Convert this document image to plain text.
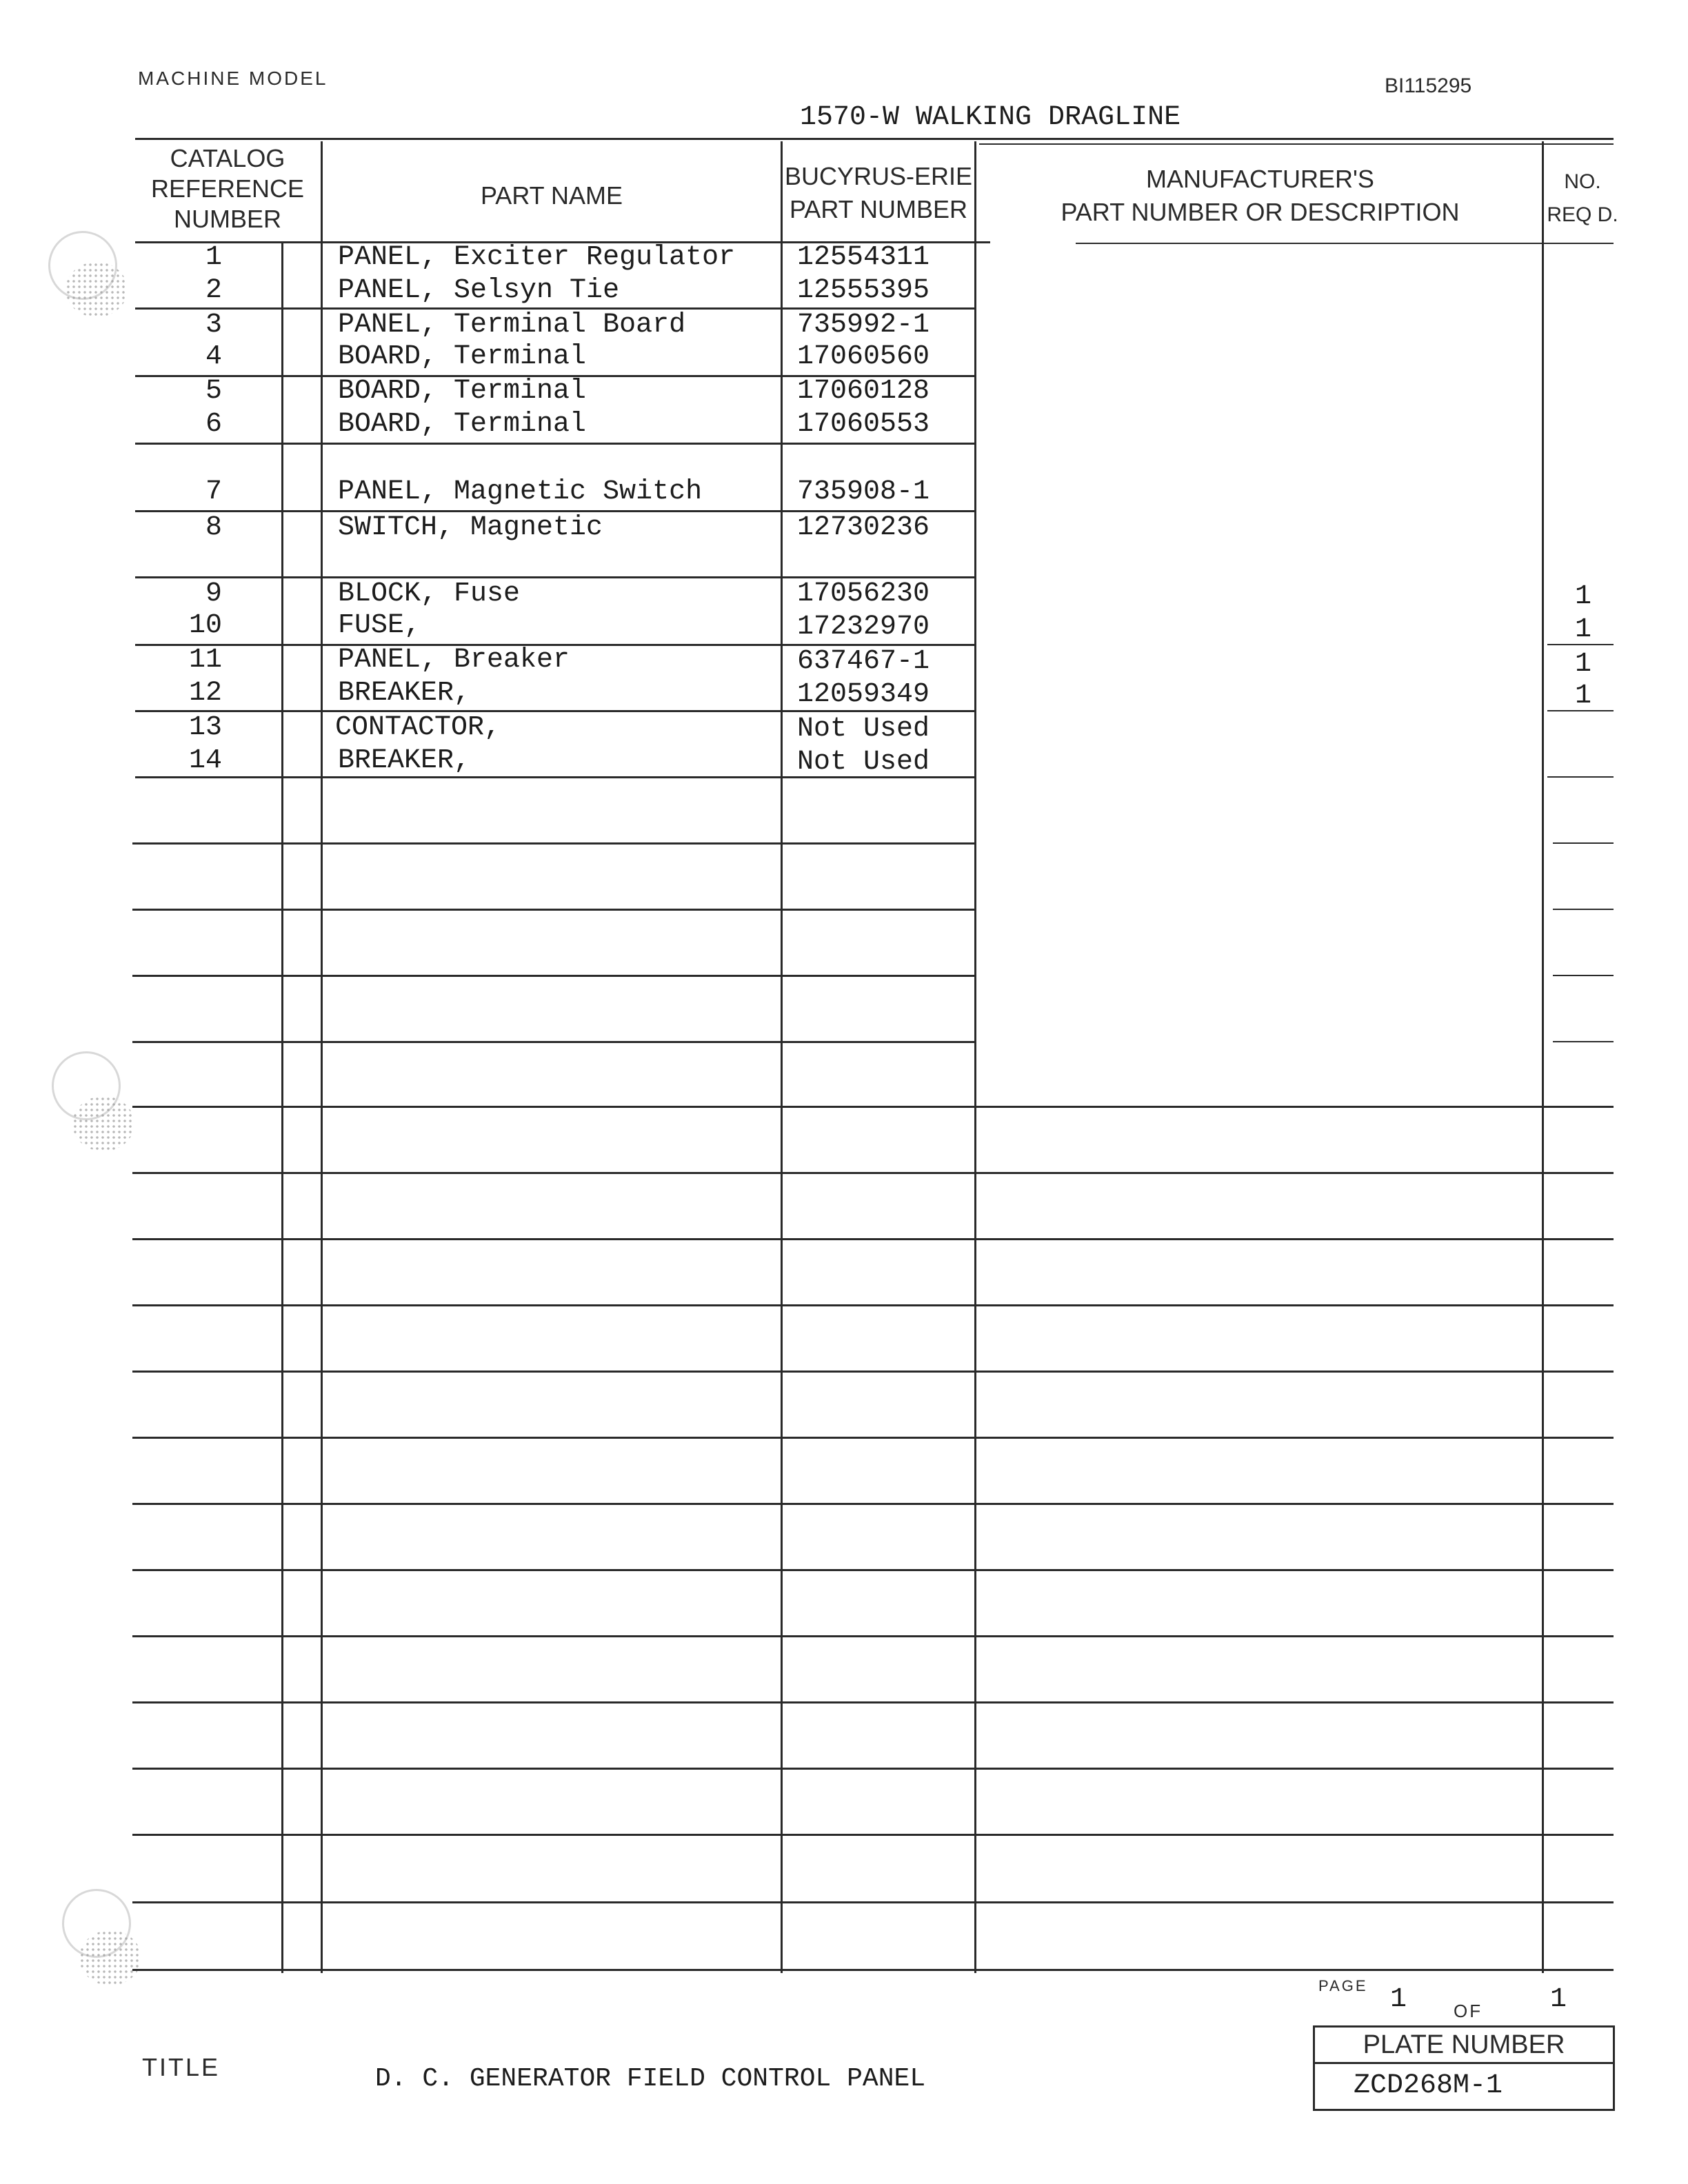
MACHINE MODEL	BI115295
1570-W WALKING DRAGLINE
CATALOG
REFERENCE
NUMBER
PART NAME
BUCYRUS-ERIE
PART NUMBER
MANUFACTURER'S
PART NUMBER OR DESCRIPTION
NO.
REQ D.
1	PANEL, Exciter Regulator 12554311
2	PANEL, Selsyn Tie	12555395
3	PANEL, Terminal Board	735992-1
4	BOARD, Terminal	17060560
5	BOARD, Terminal	17060128
6	BOARD, Terminal	17060553
7	PANEL, Magnetic Switch	735908-1
8	SWITCH, Magnetic	12730236
9	BLOCK, Fuse	17056230	1
10	FUSE,	17232970	1
11	PANEL, Breaker	637467-1	1
12	BREAKER,	12059349	1
13	CONTACTOR,	Not Used
14	BREAKER,	Not Used
PAGE 1	OF 1
PLATE NUMBER
ZCD268M-1
TITLE	D. C. GENERATOR FIELD CONTROL PANEL
